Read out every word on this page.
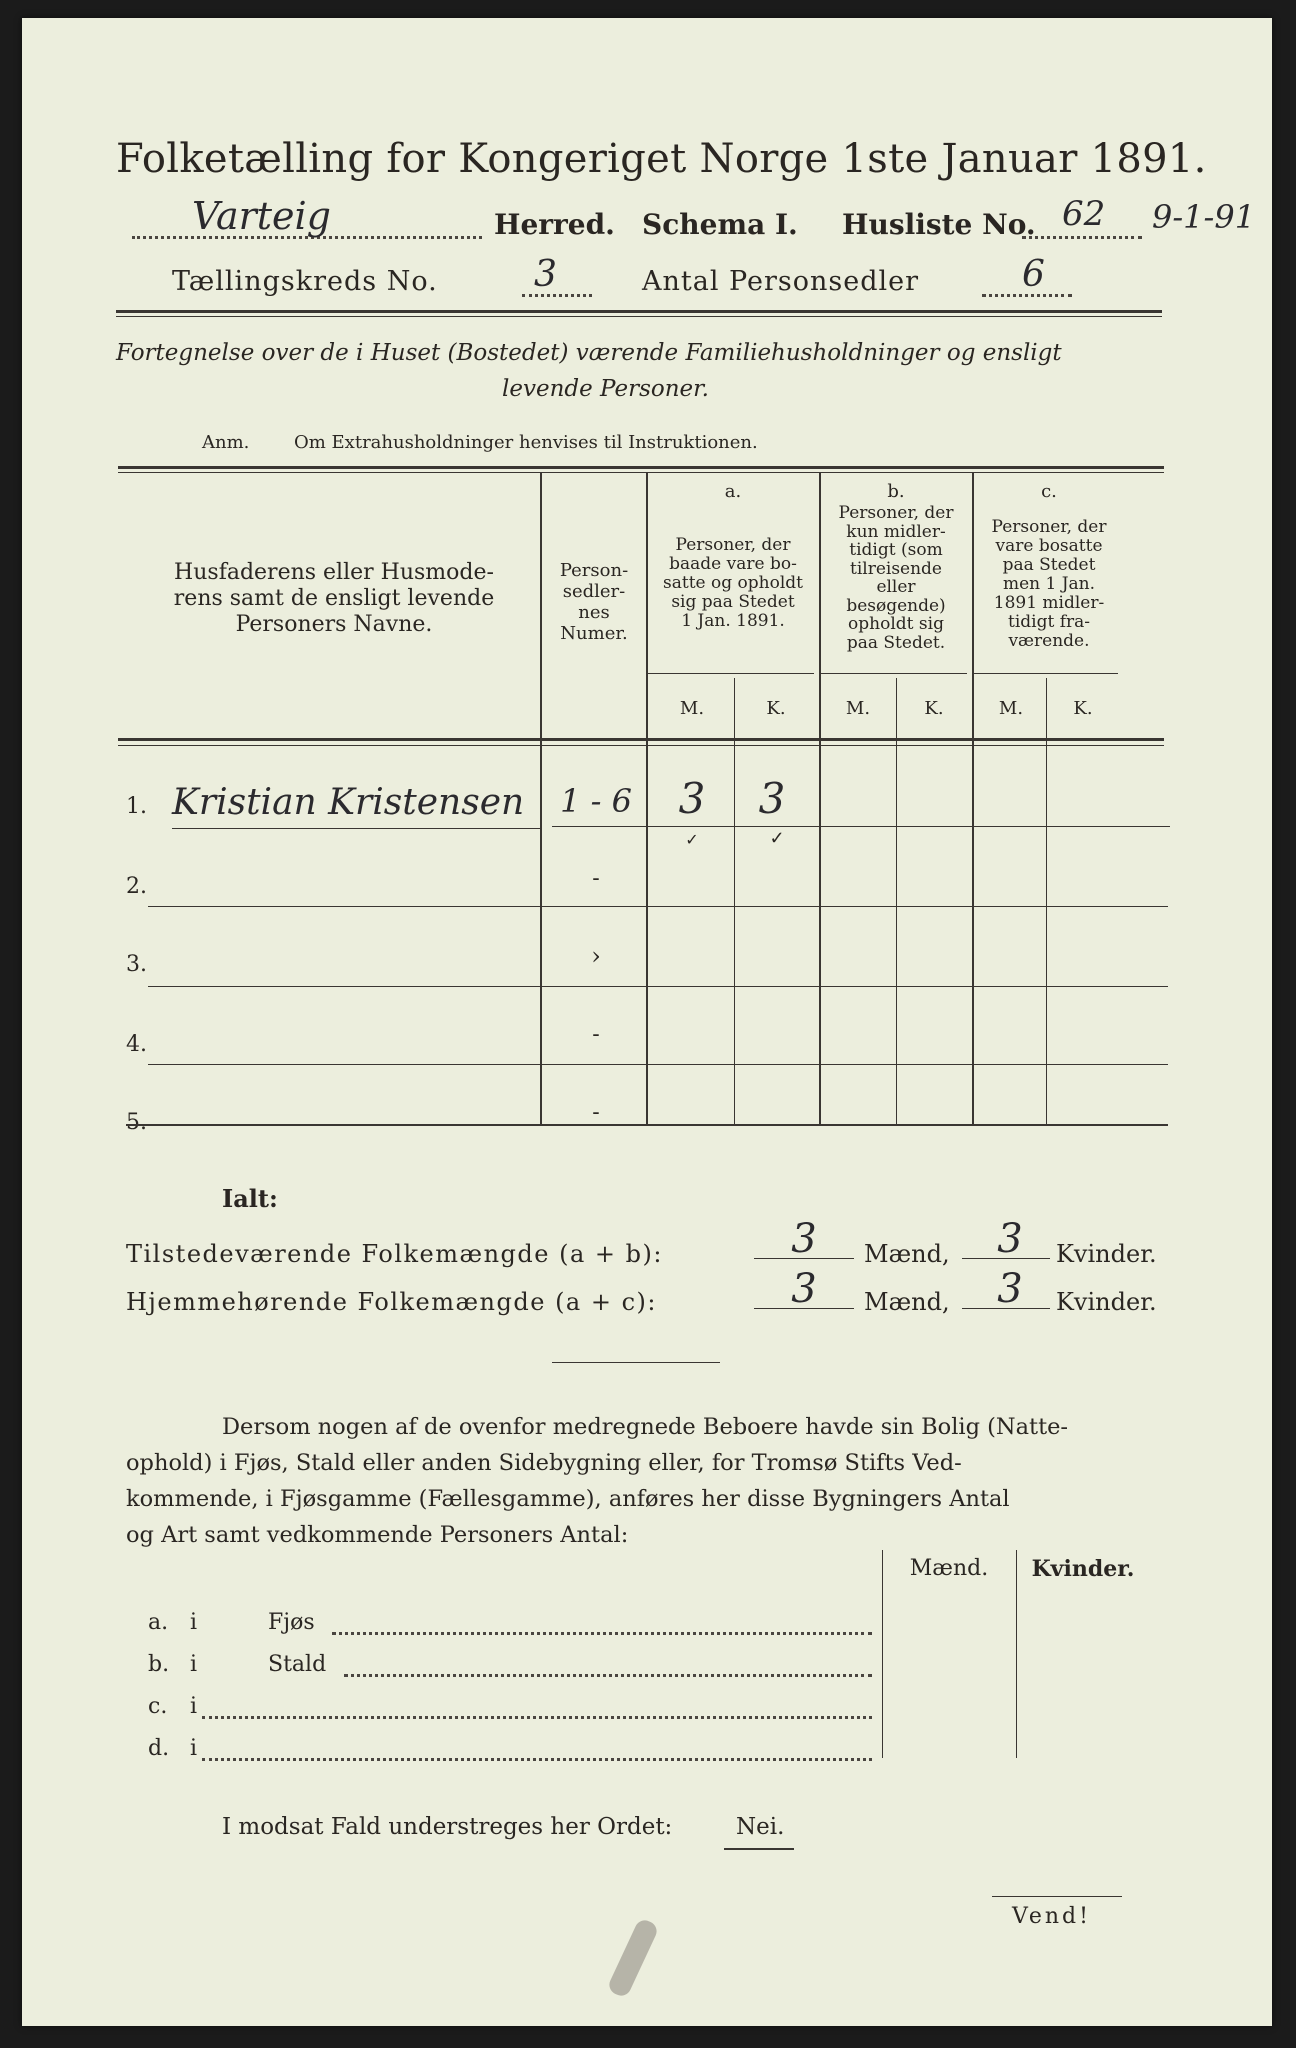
Folketælling for Kongeriget Norge 1ste Januar 1891.
Varteig	Herred. Schema I. Husliste No. 62 9-1-91
Tællingskreds No.	3	Antal Personsedler	6
Fortegnelse over de i Huset (Bostedet) værende Familiehusholdninger og ensligt
levende Personer.
Anm. Om Extrahusholdninger henvises til Instruktionen.
Husfaderens eller Husmode-
rens samt de ensligt levende
Personers Navne.
Person-
sedler-
nes
Numer.
a.
Personer, der
baade vare bo-
satte og opholdt
sig paa Stedet
1 Jan. 1891.
b.
Personer, der
kun midler-
tidigt (som
tilreisende
eller
besøgende)
opholdt sig
paa Stedet.
c.
Personer, der
vare bosatte
paa Stedet
men 1 Jan.
1891 midler-
tidigt fra-
værende.
M.	K.	M.	K.	M.	K.
1. Kristian Kristensen	1 - 6	3	3
✓	✓
2.	-
3.	›
4.	-
5.	-
Ialt:
Tilstedeværende Folkemængde (a + b):	3	Mænd,	3	Kvinder.
Hjemmehørende Folkemængde (a + c):	3	Mænd,	3	Kvinder.
Dersom nogen af de ovenfor medregnede Beboere havde sin Bolig (Natte-
ophold) i Fjøs, Stald eller anden Sidebygning eller, for Tromsø Stifts Ved-
kommende, i Fjøsgamme (Fællesgamme), anføres her disse Bygningers Antal
og Art samt vedkommende Personers Antal:
Mænd.	Kvinder.
a. i	Fjøs
b. i	Stald
c. i
d. i
I modsat Fald understreges her Ordet:	Nei.
Vend!
